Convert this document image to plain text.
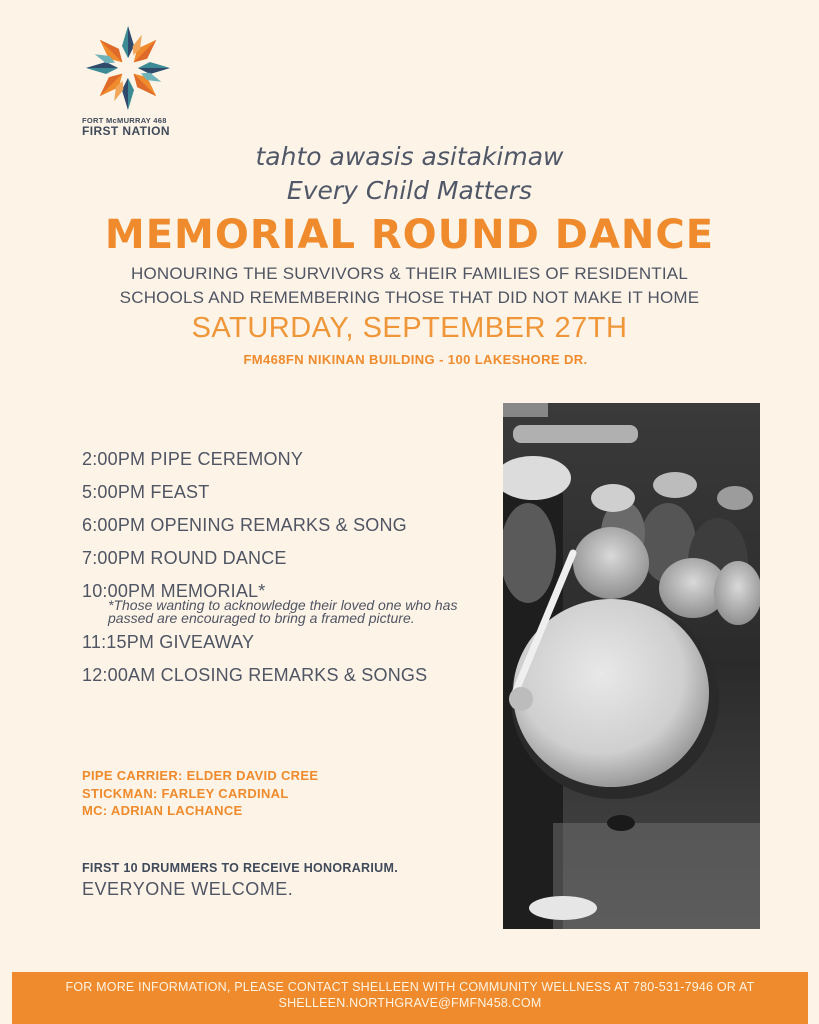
FORT McMURRAY 468
FIRST NATION
tahto awasis asitakimaw
Every Child Matters
MEMORIAL ROUND DANCE
HONOURING THE SURVIVORS & THEIR FAMILIES OF RESIDENTIAL
SCHOOLS AND REMEMBERING THOSE THAT DID NOT MAKE IT HOME
SATURDAY, SEPTEMBER 27TH
FM468FN NIKINAN BUILDING - 100 LAKESHORE DR.
2:00PM PIPE CEREMONY
5:00PM FEAST
6:00PM OPENING REMARKS & SONG
7:00PM ROUND DANCE
10:00PM MEMORIAL*
*Those wanting to acknowledge their loved one who has passed are encouraged to bring a framed picture.
11:15PM GIVEAWAY
12:00AM CLOSING REMARKS & SONGS
PIPE CARRIER: ELDER DAVID CREE
STICKMAN: FARLEY CARDINAL
MC: ADRIAN LACHANCE
FIRST 10 DRUMMERS TO RECEIVE HONORARIUM.
EVERYONE WELCOME.
FOR MORE INFORMATION, PLEASE CONTACT SHELLEEN WITH COMMUNITY WELLNESS AT 780-531-7946 OR AT
SHELLEEN.NORTHGRAVE@FMFN458.COM
